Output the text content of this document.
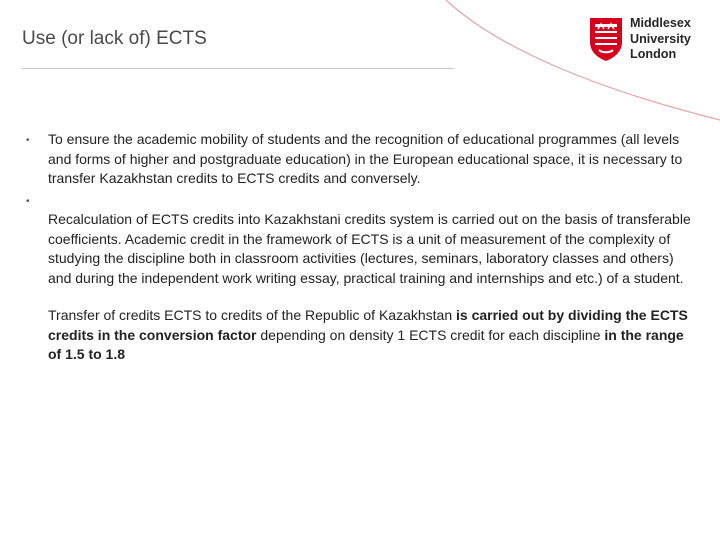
Use (or lack of) ECTS
Middlesex
University
London
• To ensure the academic mobility of students and the recognition of educational programmes (all levels and forms of higher and postgraduate education) in the European educational space, it is necessary to transfer Kazakhstan credits to ECTS credits and conversely.

•

Recalculation of ECTS credits into Kazakhstani credits system is carried out on the basis of transferable coefficients. Academic credit in the framework of ECTS is a unit of measurement of the complexity of studying the discipline both in classroom activities (lectures, seminars, laboratory classes and others) and during the independent work writing essay, practical training and internships and etc.) of a student.

Transfer of credits ECTS to credits of the Republic of Kazakhstan is carried out by dividing the ECTS credits in the conversion factor depending on density 1 ECTS credit for each discipline in the range of 1.5 to 1.8
